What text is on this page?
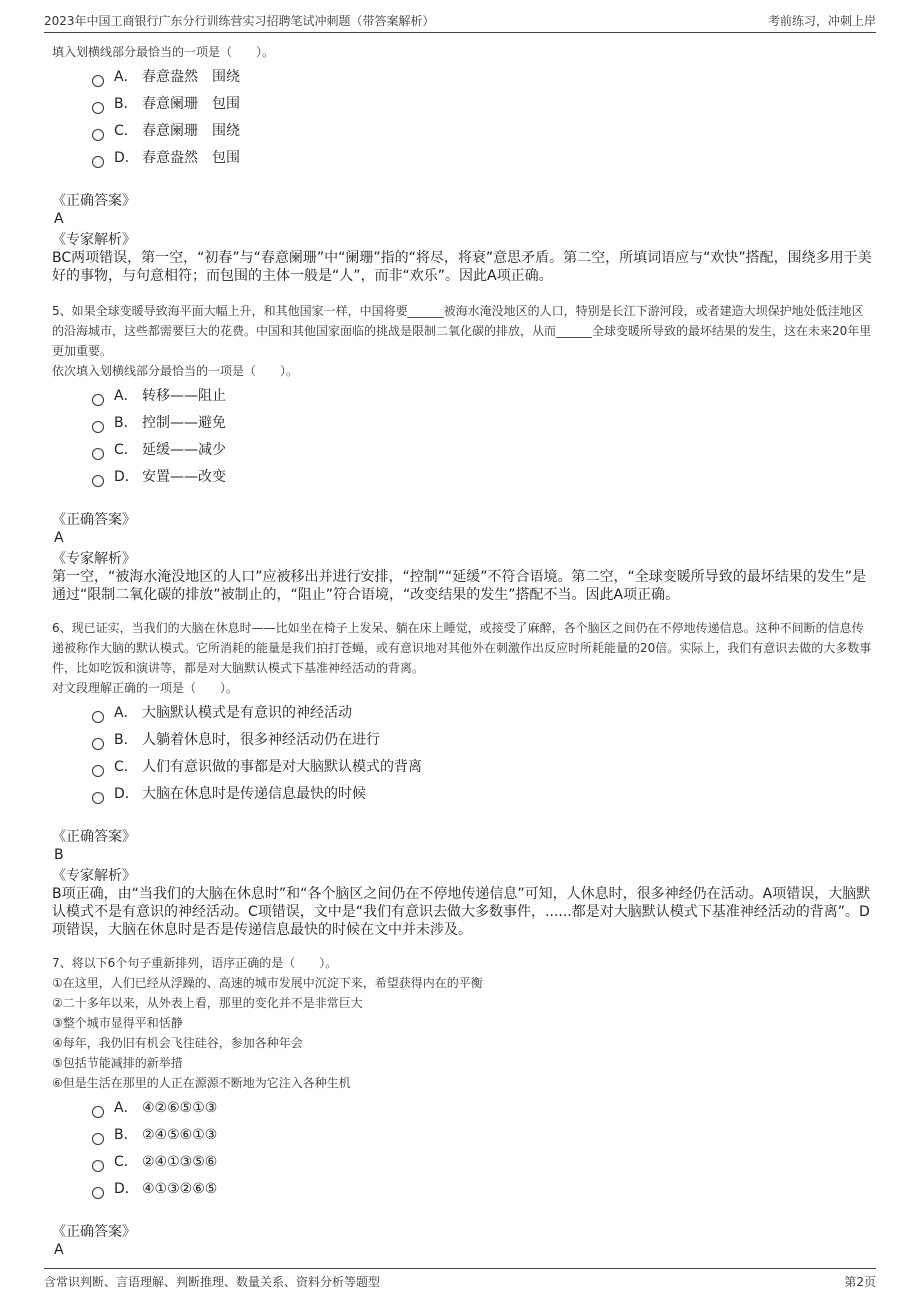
2023年中国工商银行广东分行训练营实习招聘笔试冲刺题（带答案解析）	考前练习，冲刺上岸
填入划横线部分最恰当的一项是（　　）。
A． 春意盎然　围绕
B． 春意阑珊　包围
C． 春意阑珊　围绕
D． 春意盎然　包围
《正确答案》
A
《专家解析》
BC两项错误，第一空，“初春”与“春意阑珊”中“阑珊”指的“将尽，将衰”意思矛盾。第二空，所填词语应与“欢快”搭配，围绕多用于美好的事物，与句意相符；而包围的主体一般是“人”，而非“欢乐”。因此A项正确。
5、如果全球变暖导致海平面大幅上升，和其他国家一样，中国将要______被海水淹没地区的人口，特别是长江下游河段，或者建造大坝保护地处低洼地区的沿海城市，这些都需要巨大的花费。中国和其他国家面临的挑战是限制二氧化碳的排放，从而______全球变暖所导致的最坏结果的发生，这在未来20年里更加重要。
依次填入划横线部分最恰当的一项是（　　）。
A． 转移——阻止
B． 控制——避免
C． 延缓——减少
D． 安置——改变
《正确答案》
A
《专家解析》
第一空，“被海水淹没地区的人口”应被移出并进行安排，“控制”“延缓”不符合语境。第二空，“全球变暖所导致的最坏结果的发生”是通过“限制二氧化碳的排放”被制止的，“阻止”符合语境，“改变结果的发生”搭配不当。因此A项正确。
6、现已证实，当我们的大脑在休息时——比如坐在椅子上发呆、躺在床上睡觉，或接受了麻醉，各个脑区之间仍在不停地传递信息。这种不间断的信息传递被称作大脑的默认模式。它所消耗的能量是我们拍打苍蝇，或有意识地对其他外在刺激作出反应时所耗能量的20倍。实际上，我们有意识去做的大多数事件，比如吃饭和演讲等，都是对大脑默认模式下基准神经活动的背离。
对文段理解正确的一项是（　　）。
A． 大脑默认模式是有意识的神经活动
B． 人躺着休息时，很多神经活动仍在进行
C． 人们有意识做的事都是对大脑默认模式的背离
D． 大脑在休息时是传递信息最快的时候
《正确答案》
B
《专家解析》
B项正确，由“当我们的大脑在休息时”和“各个脑区之间仍在不停地传递信息”可知，人休息时，很多神经仍在活动。A项错误，大脑默认模式不是有意识的神经活动。C项错误，文中是“我们有意识去做大多数事件，......都是对大脑默认模式下基准神经活动的背离”。D项错误，大脑在休息时是否是传递信息最快的时候在文中并未涉及。
7、将以下6个句子重新排列，语序正确的是（　　）。
①在这里，人们已经从浮躁的、高速的城市发展中沉淀下来，希望获得内在的平衡
②二十多年以来，从外表上看，那里的变化并不是非常巨大
③整个城市显得平和恬静
④每年，我仍旧有机会飞往硅谷，参加各种年会
⑤包括节能减排的新举措
⑥但是生活在那里的人正在源源不断地为它注入各种生机
A． ④②⑥⑤①③
B． ②④⑤⑥①③
C． ②④①③⑤⑥
D． ④①③②⑥⑤
《正确答案》
A
含常识判断、言语理解、判断推理、数量关系、资料分析等题型	第2页
